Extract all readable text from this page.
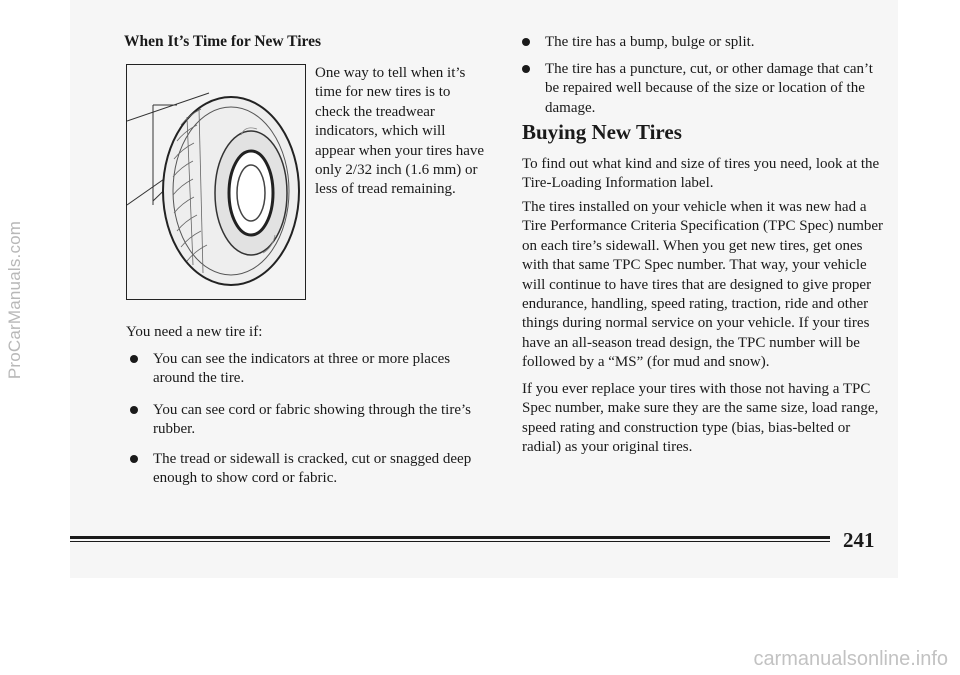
ProCarManuals.com
When It’s Time for New Tires
One way to tell when it’s time for new tires is to check the treadwear indicators, which will appear when your tires have only 2/32 inch (1.6 mm) or less of tread remaining.
You need a new tire if:
You can see the indicators at three or more places around the tire.
You can see cord or fabric showing through the tire’s rubber.
The tread or sidewall is cracked, cut or snagged deep enough to show cord or fabric.
The tire has a bump, bulge or split.
The tire has a puncture, cut, or other damage that can’t be repaired well because of the size or location of the damage.
Buying New Tires
To find out what kind and size of tires you need, look at the Tire-Loading Information label.
The tires installed on your vehicle when it was new had a Tire Performance Criteria Specification (TPC Spec) number on each tire’s sidewall. When you get new tires, get ones with that same TPC Spec number. That way, your vehicle will continue to have tires that are designed to give proper endurance, handling, speed rating, traction, ride and other things during normal service on your vehicle. If your tires have an all-season tread design, the TPC number will be followed by a “MS” (for mud and snow).
If you ever replace your tires with those not having a TPC Spec number, make sure they are the same size, load range, speed rating and construction type (bias, bias-belted or radial) as your original tires.
241
carmanualsonline.info
